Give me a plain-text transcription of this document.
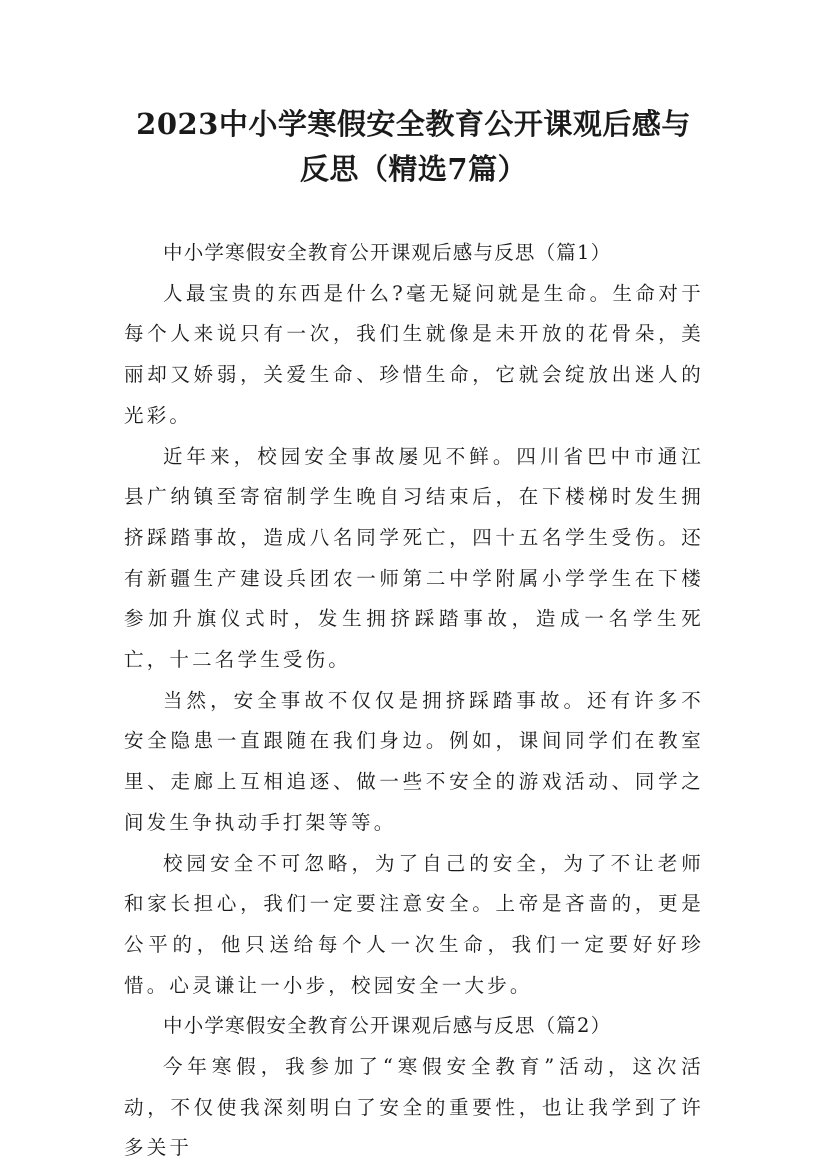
2023中小学寒假安全教育公开课观后感与
反思（精选7篇）

中小学寒假安全教育公开课观后感与反思（篇1）

人最宝贵的东西是什么?毫无疑问就是生命。生命对于每个人来说只有一次，我们生就像是未开放的花骨朵，美丽却又娇弱，关爱生命、珍惜生命，它就会绽放出迷人的光彩。

近年来，校园安全事故屡见不鲜。四川省巴中市通江县广纳镇至寄宿制学生晚自习结束后，在下楼梯时发生拥挤踩踏事故，造成八名同学死亡，四十五名学生受伤。还有新疆生产建设兵团农一师第二中学附属小学学生在下楼参加升旗仪式时，发生拥挤踩踏事故，造成一名学生死亡，十二名学生受伤。

当然，安全事故不仅仅是拥挤踩踏事故。还有许多不安全隐患一直跟随在我们身边。例如，课间同学们在教室里、走廊上互相追逐、做一些不安全的游戏活动、同学之间发生争执动手打架等等。

校园安全不可忽略，为了自己的安全，为了不让老师和家长担心，我们一定要注意安全。上帝是吝啬的，更是公平的，他只送给每个人一次生命，我们一定要好好珍惜。心灵谦让一小步，校园安全一大步。

中小学寒假安全教育公开课观后感与反思（篇2）

今年寒假，我参加了“寒假安全教育”活动，这次活动，不仅使我深刻明白了安全的重要性，也让我学到了许多关于
